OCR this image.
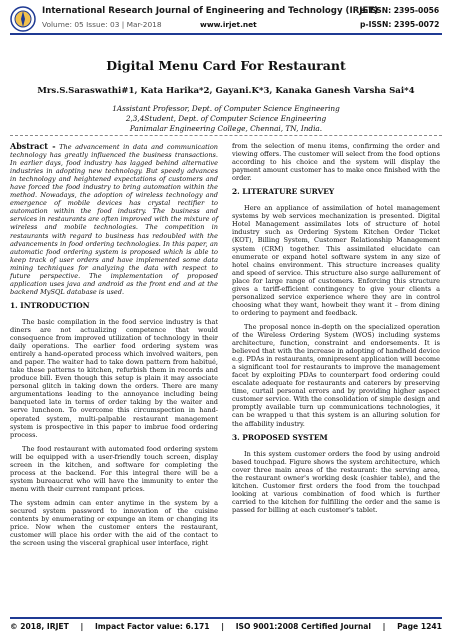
International Research Journal of Engineering and Technology (IRJET)
e-ISSN: 2395-0056
Volume: 05 Issue: 03 | Mar-2018	www.irjet.net	p-ISSN: 2395-0072
Digital Menu Card For Restaurant
Mrs.S.Saraswathi#1, Kata Harika*2, Gayani.K*3, Kanaka Ganesh Varsha Sai*4
1Assistant Professor, Dept. of Computer Science Engineering
2,3,4Student, Dept. of Computer Science Engineering
Panimalar Engineering College, Chennai, TN, India.
Abstract - The advancement in data and communication technology has greatly influenced the business transactions. In earlier days, food industry has lagged behind alternative industries in adopting new technology. But speedy advances in technology and heightened expectations of customers and have forced the food industry to bring automation within the method. Nowadays, the adoption of wireless technology and emergence of mobile devices has crystal rectifier to automation within the food industry. The business and services in restaurants are often improved with the mixture of wireless and mobile technologies. The competition in restaurants with regard to business has redoubled with the advancements in food ordering technologies. In this paper, an automatic food ordering system is proposed which is able to keep track of user orders and have implemented some data mining techniques for analyzing the data with respect to future perspective. The implementation of proposed application uses java and android as the front end and at the backend MySQL database is used.
1. INTRODUCTION
The basic compilation in the food service industry is that diners are not actualizing competence that would consequence from improved utilization of technology in their daily operations. The earlier food ordering system was entirely a hand-operated process which involved waiters, pen and paper. The waiter had to take down pattern from habitué, take these patterns to kitchen, refurbish them in records and produce bill. Even though this setup is plain it may associate personal glitch in taking down the orders. There are many argumentations leading to the annoyance including being banqueted late in terms of order taking by the waiter and serve luncheon. To overcome this circumspection in hand-operated system, multi-palpable restaurant management system is prospective in this paper to imbrue food ordering process.
The food restaurant with automated food ordering system will be equipped with a user-friendly touch screen, display screen in the kitchen, and software for completing the process at the backend. For this integral there will be a system bureaucrat who will have the immunity to enter the menu with their current rampant prices.
The system admin can enter anytime in the system by a secured system password to innovation of the cuisine contents by enumerating or expunge an item or changing its price. Now when the customer enters the restaurant, customer will place his order with the aid of the contact to the screen using the visceral graphical user interface, right
from the selection of menu items, confirming the order and viewing offers. The customer will select from the food options according to his choice and the system will display the payment amount customer has to make once finished with the order.
2. LITERATURE SURVEY
Here an appliance of assimilation of hotel management systems by web services mechanization is presented. Digital Hotel Management assimilates lots of structure of hotel industry such as Ordering System Kitchen Order Ticket (KOT), Billing System, Customer Relationship Management system (CRM) together. This assimilated elucidate can enumerate or expand hotel software system in any size of hotel chains environment. This structure increases quality and speed of service. This structure also surge aallurement of place for large range of customers. Enforcing this structure gives a tariff-efficient contingency to give your clients a personalized service experience where they are in control choosing what they want, howbeit they want it – from dining to ordering to payment and feedback.
The proposal nonce in-depth on the specialized operation of the Wireless Ordering System (WOS) including systems architecture, function, constraint and endorsements. It is believed that with the increase in adopting of handheld device e.g. PDAs in restaurants, omnipresent application will become a significant tool for restaurants to improve the management facet by exploiting PDAs to counterpart food ordering could escalate adequate for restaurants and caterers by preserving time, curtail personal errors and by providing higher aspect customer service. With the consolidation of simple design and promptly available turn up communications technologies, it can be wrapped u that this system is an alluring solution for the affability industry.
3. PROPOSED SYSTEM
In this system customer orders the food by using android based touchpad. Figure shows the system architecture, which cover three main areas of the restaurant: the serving area, the restaurant owner's working desk (cashier table), and the kitchen. Customer first orders the food from the touchpad looking at various combination of food which is further carried to the kitchen for fulfilling the order and the same is passed for billing at each customer's tablet.
© 2018, IRJET | Impact Factor value: 6.171 | ISO 9001:2008 Certified Journal | Page 1241
